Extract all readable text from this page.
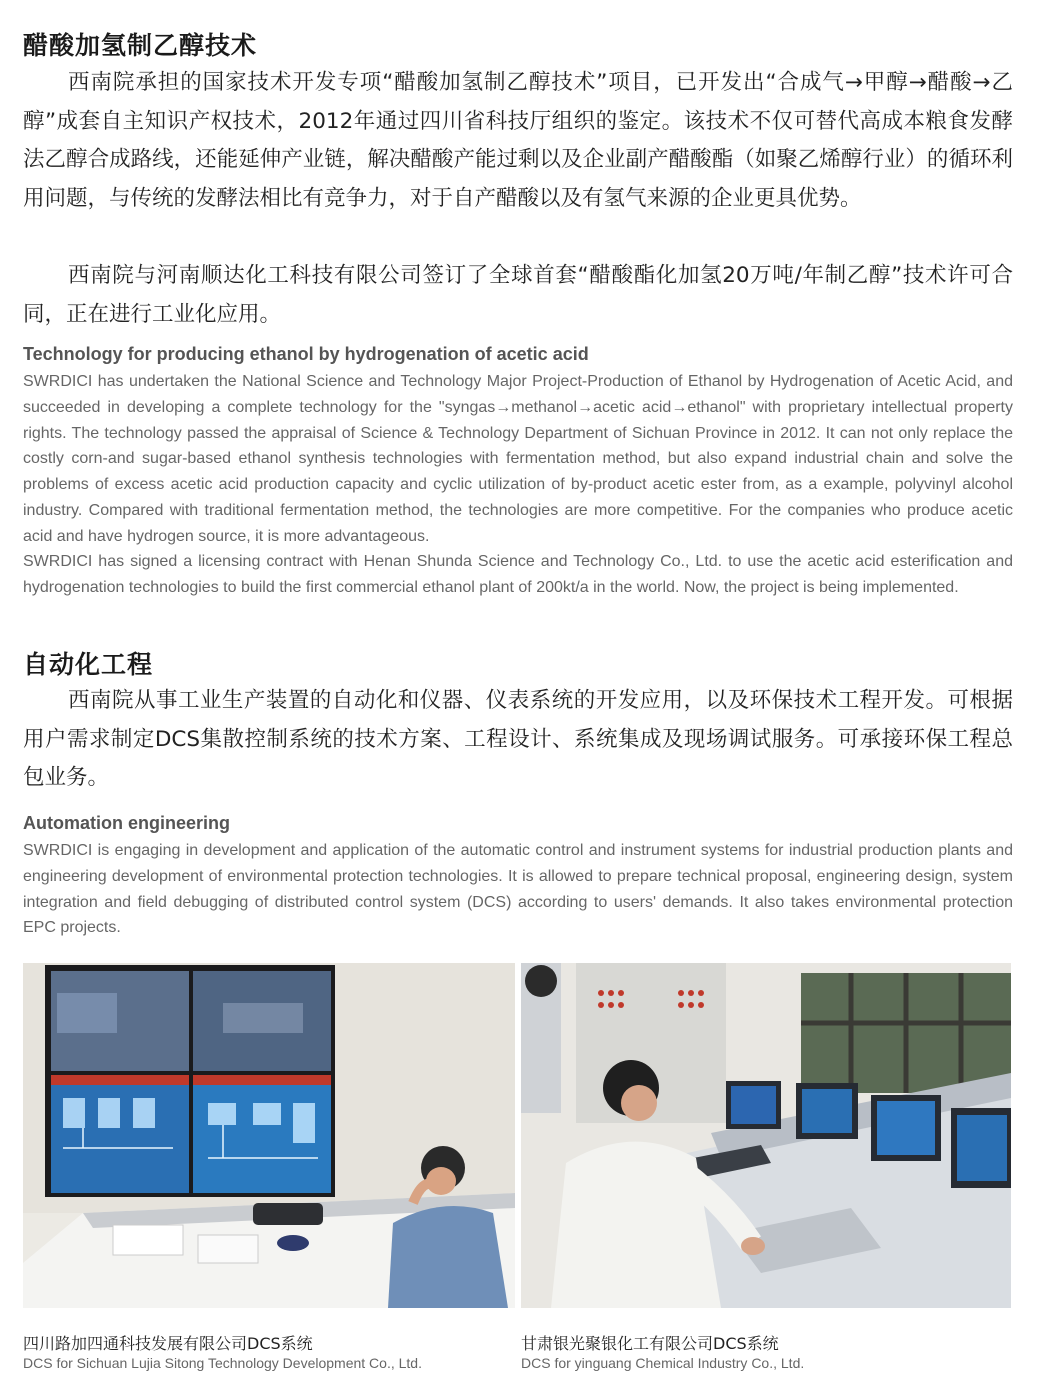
醋酸加氢制乙醇技术

西南院承担的国家技术开发专项“醋酸加氢制乙醇技术”项目，已开发出“合成气→甲醇→醋酸→乙醇”成套自主知识产权技术，2012年通过四川省科技厅组织的鉴定。该技术不仅可替代高成本粮食发酵法乙醇合成路线，还能延伸产业链，解决醋酸产能过剩以及企业副产醋酸酯（如聚乙烯醇行业）的循环利用问题，与传统的发酵法相比有竞争力，对于自产醋酸以及有氢气来源的企业更具优势。

西南院与河南顺达化工科技有限公司签订了全球首套“醋酸酯化加氢20万吨/年制乙醇”技术许可合同，正在进行工业化应用。

Technology for producing ethanol by hydrogenation of acetic acid

SWRDICI has undertaken the National Science and Technology Major Project-Production of Ethanol by Hydrogenation of Acetic Acid, and succeeded in developing a complete technology for the "syngas→methanol→acetic acid→ethanol" with proprietary intellectual property rights. The technology passed the appraisal of Science & Technology Department of Sichuan Province in 2012. It can not only replace the costly corn-and sugar-based ethanol synthesis technologies with fermentation method, but also expand industrial chain and solve the problems of excess acetic acid production capacity and cyclic utilization of by-product acetic ester from, as a example, polyvinyl alcohol industry. Compared with traditional fermentation method, the technologies are more competitive. For the companies who produce acetic acid and have hydrogen source, it is more advantageous.

SWRDICI has signed a licensing contract with Henan Shunda Science and Technology Co., Ltd. to use the acetic acid esterification and hydrogenation technologies to build the first commercial ethanol plant of 200kt/a in the world. Now, the project is being implemented.

自动化工程

西南院从事工业生产装置的自动化和仪器、仪表系统的开发应用，以及环保技术工程开发。可根据用户需求制定DCS集散控制系统的技术方案、工程设计、系统集成及现场调试服务。可承接环保工程总包业务。

Automation engineering

SWRDICI is engaging in development and application of the automatic control and instrument systems for industrial production plants and engineering development of environmental protection technologies. It is allowed to prepare technical proposal, engineering design, system integration and field debugging of distributed control system (DCS) according to users' demands. It also takes environmental protection EPC projects.

四川路加四通科技发展有限公司DCS系统

DCS for Sichuan Lujia Sitong Technology Development Co., Ltd.

甘肃银光聚银化工有限公司DCS系统

DCS for yinguang Chemical Industry Co., Ltd.
